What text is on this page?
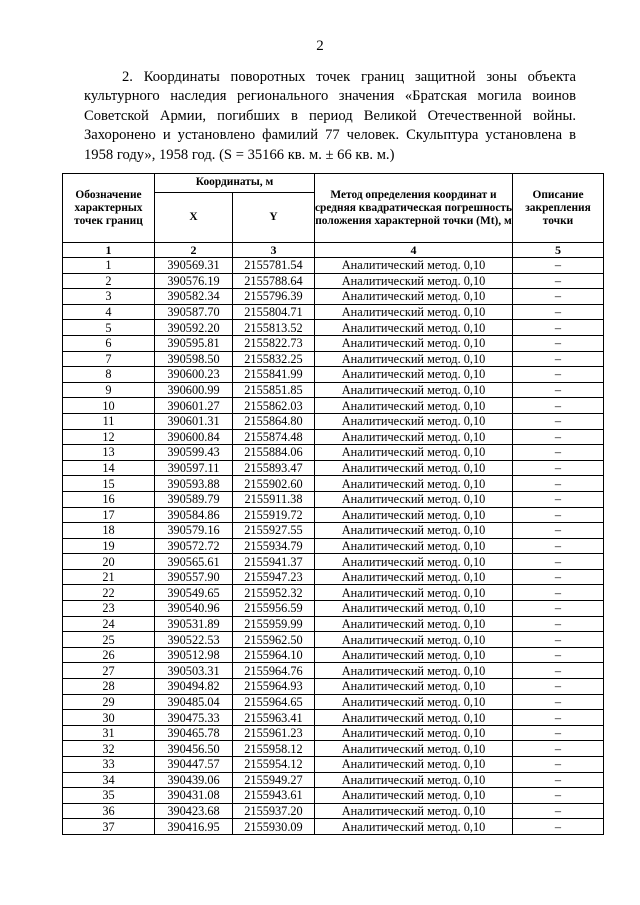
2

2. Координаты поворотных точек границ защитной зоны объекта культурного наследия регионального значения «Братская могила воинов Советской Армии, погибших в период Великой Отечественной войны. Захоронено и установлено фамилий 77 человек. Скульптура установлена в 1958 году», 1958 год. (S = 35166 кв. м. ± 66 кв. м.)

Обозначение характерных точек границ	Координаты, м		Метод определения координат и средняя квадратическая погрешность положения характерной точки (Mt), м	Описание закрепления точки
	X	Y		
1	2	3	4	5
1	390569.31	2155781.54	Аналитический метод. 0,10	–
2	390576.19	2155788.64	Аналитический метод. 0,10	–
3	390582.34	2155796.39	Аналитический метод. 0,10	–
4	390587.70	2155804.71	Аналитический метод. 0,10	–
5	390592.20	2155813.52	Аналитический метод. 0,10	–
6	390595.81	2155822.73	Аналитический метод. 0,10	–
7	390598.50	2155832.25	Аналитический метод. 0,10	–
8	390600.23	2155841.99	Аналитический метод. 0,10	–
9	390600.99	2155851.85	Аналитический метод. 0,10	–
10	390601.27	2155862.03	Аналитический метод. 0,10	–
11	390601.31	2155864.80	Аналитический метод. 0,10	–
12	390600.84	2155874.48	Аналитический метод. 0,10	–
13	390599.43	2155884.06	Аналитический метод. 0,10	–
14	390597.11	2155893.47	Аналитический метод. 0,10	–
15	390593.88	2155902.60	Аналитический метод. 0,10	–
16	390589.79	2155911.38	Аналитический метод. 0,10	–
17	390584.86	2155919.72	Аналитический метод. 0,10	–
18	390579.16	2155927.55	Аналитический метод. 0,10	–
19	390572.72	2155934.79	Аналитический метод. 0,10	–
20	390565.61	2155941.37	Аналитический метод. 0,10	–
21	390557.90	2155947.23	Аналитический метод. 0,10	–
22	390549.65	2155952.32	Аналитический метод. 0,10	–
23	390540.96	2155956.59	Аналитический метод. 0,10	–
24	390531.89	2155959.99	Аналитический метод. 0,10	–
25	390522.53	2155962.50	Аналитический метод. 0,10	–
26	390512.98	2155964.10	Аналитический метод. 0,10	–
27	390503.31	2155964.76	Аналитический метод. 0,10	–
28	390494.82	2155964.93	Аналитический метод. 0,10	–
29	390485.04	2155964.65	Аналитический метод. 0,10	–
30	390475.33	2155963.41	Аналитический метод. 0,10	–
31	390465.78	2155961.23	Аналитический метод. 0,10	–
32	390456.50	2155958.12	Аналитический метод. 0,10	–
33	390447.57	2155954.12	Аналитический метод. 0,10	–
34	390439.06	2155949.27	Аналитический метод. 0,10	–
35	390431.08	2155943.61	Аналитический метод. 0,10	–
36	390423.68	2155937.20	Аналитический метод. 0,10	–
37	390416.95	2155930.09	Аналитический метод. 0,10	–
